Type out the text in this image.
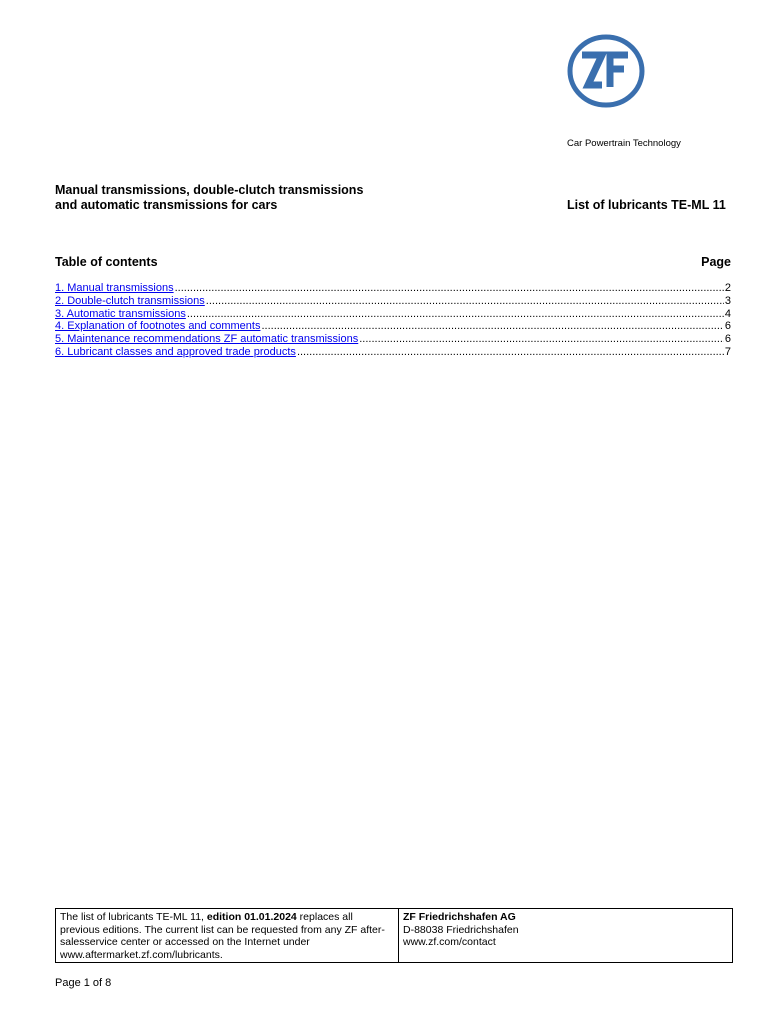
Car Powertrain Technology
Manual transmissions, double-clutch transmissions
and automatic transmissions for cars	List of lubricants TE-ML 11
Table of contents	Page
1. Manual transmissions .....	2
2. Double-clutch transmissions .....	3
3. Automatic transmissions .....	4
4. Explanation of footnotes and comments .....	6
5. Maintenance recommendations ZF automatic transmissions .....	6
6. Lubricant classes and approved trade products .....	7
The list of lubricants TE-ML 11, edition 01.01.2024 replaces all previous editions. The current list can be requested from any ZF after-salesservice center or accessed on the Internet under www.aftermarket.zf.com/lubricants.
ZF Friedrichshafen AG
D-88038 Friedrichshafen
www.zf.com/contact
Page 1 of 8
